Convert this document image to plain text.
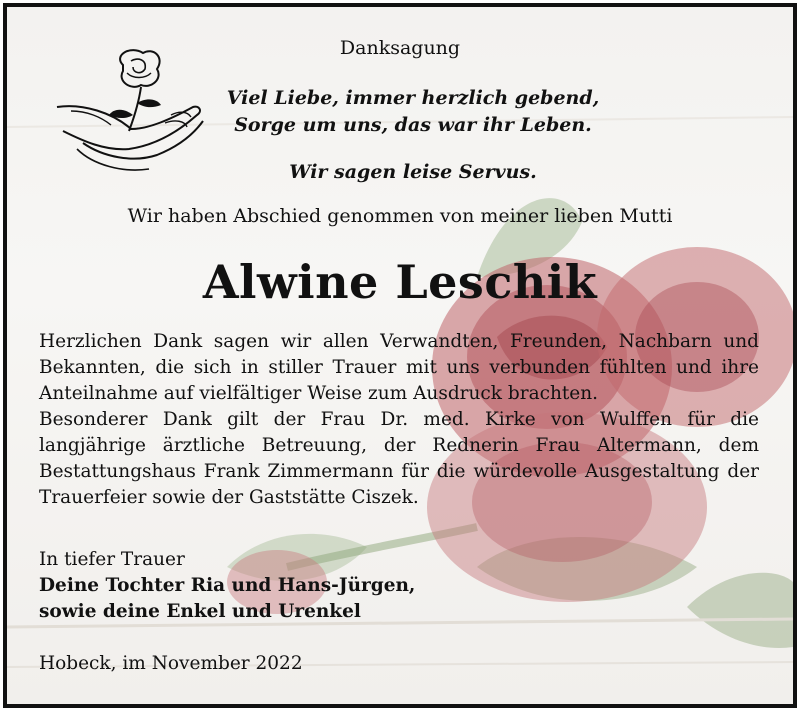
Danksagung
Viel Liebe, immer herzlich gebend,
Sorge um uns, das war ihr Leben.
Wir sagen leise Servus.
Wir haben Abschied genommen von meiner lieben Mutti
Alwine Leschik

Herzlichen Dank sagen wir allen Verwandten, Freunden, Nachbarn und Bekannten, die sich in stiller Trauer mit uns verbunden fühlten und ihre Anteilnahme auf vielfältiger Weise zum Ausdruck brachten.

Besonderer Dank gilt der Frau Dr. med. Kirke von Wulffen für die langjährige ärztliche Betreuung, der Rednerin Frau Altermann, dem Bestattungshaus Frank Zimmermann für die würdevolle Ausgestaltung der Trauerfeier sowie der Gaststätte Ciszek.

In tiefer Trauer
Deine Tochter Ria und Hans-Jürgen,
sowie deine Enkel und Urenkel
Hobeck, im November 2022
